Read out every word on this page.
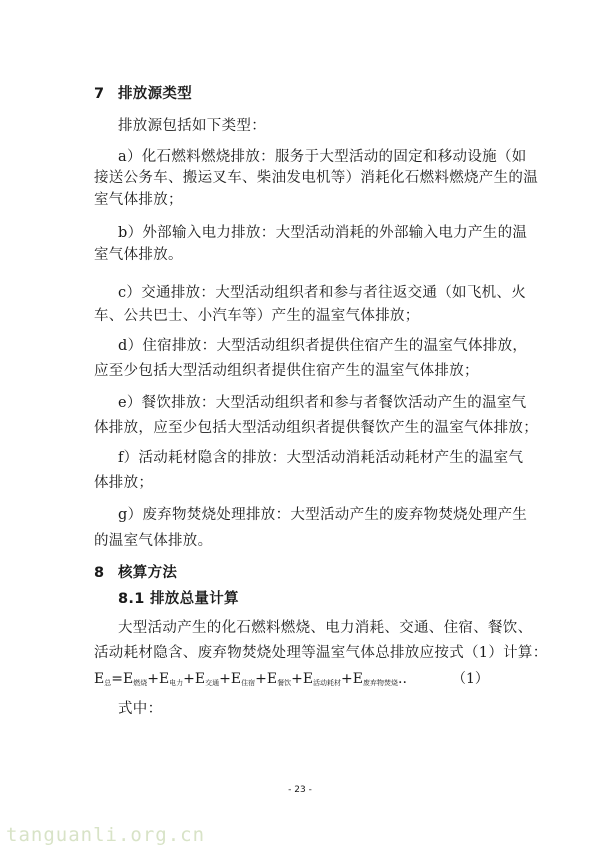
7 排放源类型
排放源包括如下类型：
a）化石燃料燃烧排放：服务于大型活动的固定和移动设施（如
接送公务车、搬运叉车、柴油发电机等）消耗化石燃料燃烧产生的温
室气体排放；
b）外部输入电力排放：大型活动消耗的外部输入电力产生的温
室气体排放。
c）交通排放：大型活动组织者和参与者往返交通（如飞机、火
车、公共巴士、小汽车等）产生的温室气体排放；
d）住宿排放：大型活动组织者提供住宿产生的温室气体排放，
应至少包括大型活动组织者提供住宿产生的温室气体排放；
e）餐饮排放：大型活动组织者和参与者餐饮活动产生的温室气
体排放，应至少包括大型活动组织者提供餐饮产生的温室气体排放；
f）活动耗材隐含的排放：大型活动消耗活动耗材产生的温室气
体排放；
g）废弃物焚烧处理排放：大型活动产生的废弃物焚烧处理产生
的温室气体排放。
8 核算方法
8.1 排放总量计算
大型活动产生的化石燃料燃烧、电力消耗、交通、住宿、餐饮、
活动耗材隐含、废弃物焚烧处理等温室气体总排放应按式（1）计算：
$E_总=E_{燃烧}+E_{电力}+E_{交通}+E_{住宿}+E_{餐饮}+E_{活动耗材}+E_{废弃物焚烧}$..	（1）
式中：
- 23 -
tanguanli.org.cn
